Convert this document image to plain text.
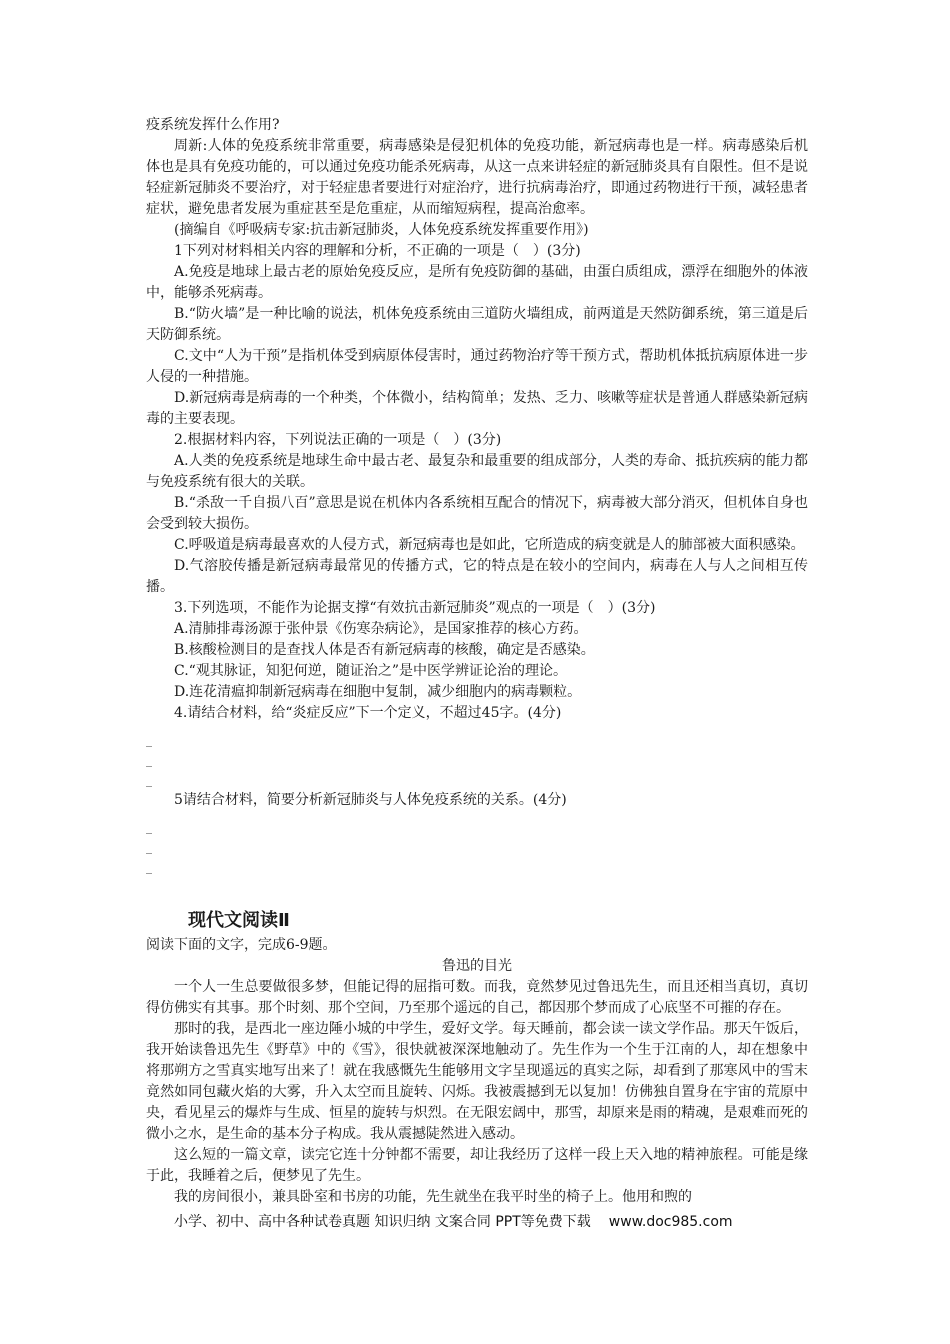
疫系统发挥什么作用?

周新:人体的免疫系统非常重要，病毒感染是侵犯机体的免疫功能，新冠病毒也是一样。病毒感染后机体也是具有免疫功能的，可以通过免疫功能杀死病毒，从这一点来讲轻症的新冠肺炎具有自限性。但不是说轻症新冠肺炎不要治疗，对于轻症患者要进行对症治疗，进行抗病毒治疗，即通过药物进行干预，减轻患者症状，避免患者发展为重症甚至是危重症，从而缩短病程，提高治愈率。

(摘编自《呼吸病专家:抗击新冠肺炎，人体免疫系统发挥重要作用》)

1下列对材料相关内容的理解和分析，不正确的一项是（　）(3分)

A.免疫是地球上最古老的原始免疫反应，是所有免疫防御的基础，由蛋白质组成，漂浮在细胞外的体液中，能够杀死病毒。

B.“防火墙”是一种比喻的说法，机体免疫系统由三道防火墙组成，前两道是天然防御系统，第三道是后天防御系统。

C.文中“人为干预”是指机体受到病原体侵害时，通过药物治疗等干预方式，帮助机体抵抗病原体进一步人侵的一种措施。

D.新冠病毒是病毒的一个种类，个体微小，结构简单；发热、乏力、咳嗽等症状是普通人群感染新冠病毒的主要表现。

2.根据材料内容，下列说法正确的一项是（　）(3分)

A.人类的免疫系统是地球生命中最古老、最复杂和最重要的组成部分，人类的寿命、抵抗疾病的能力都与免疫系统有很大的关联。

B.“杀敌一千自损八百”意思是说在机体内各系统相互配合的情况下，病毒被大部分消灭，但机体自身也会受到较大损伤。

C.呼吸道是病毒最喜欢的人侵方式，新冠病毒也是如此，它所造成的病变就是人的肺部被大面积感染。

D.气溶胶传播是新冠病毒最常见的传播方式，它的特点是在较小的空间内，病毒在人与人之间相互传播。

3.下列选项，不能作为论据支撑“有效抗击新冠肺炎”观点的一项是（　）(3分)

A.清肺排毒汤源于张仲景《伤寒杂病论》，是国家推荐的核心方药。

B.核酸检测目的是查找人体是否有新冠病毒的核酸，确定是否感染。

C.“观其脉证，知犯何逆，随证治之”是中医学辨证论治的理论。

D.连花清瘟抑制新冠病毒在细胞中复制，减少细胞内的病毒颗粒。

4.请结合材料，给“炎症反应”下一个定义，不超过45字。(4分)

_

_

_

5请结合材料，简要分析新冠肺炎与人体免疫系统的关系。(4分)

_

_

_

现代文阅读Ⅱ

阅读下面的文字，完成6-9题。

鲁迅的目光

一个人一生总要做很多梦，但能记得的屈指可数。而我，竟然梦见过鲁迅先生，而且还相当真切，真切得仿佛实有其事。那个时刻、那个空间，乃至那个遥远的自己，都因那个梦而成了心底坚不可摧的存在。

那时的我，是西北一座边陲小城的中学生，爱好文学。每天睡前，都会读一读文学作品。那天午饭后，我开始读鲁迅先生《野草》中的《雪》，很快就被深深地触动了。先生作为一个生于江南的人，却在想象中将那朔方之雪真实地写出来了！就在我感慨先生能够用文字呈现遥远的真实之际，却看到了那寒风中的雪末竟然如同包藏火焰的大雾，升入太空而且旋转、闪烁。我被震撼到无以复加！仿佛独自置身在宇宙的荒原中央，看见星云的爆炸与生成、恒星的旋转与炽烈。在无限宏阔中，那雪，却原来是雨的精魂，是艰难而死的微小之水，是生命的基本分子构成。我从震撼陡然进入感动。

这么短的一篇文章，读完它连十分钟都不需要，却让我经历了这样一段上天入地的精神旅程。可能是缘于此，我睡着之后，便梦见了先生。

我的房间很小，兼具卧室和书房的功能，先生就坐在我平时坐的椅子上。他用和煦的

小学、初中、高中各种试卷真题 知识归纳 文案合同 PPT等免费下载 www.doc985.com
